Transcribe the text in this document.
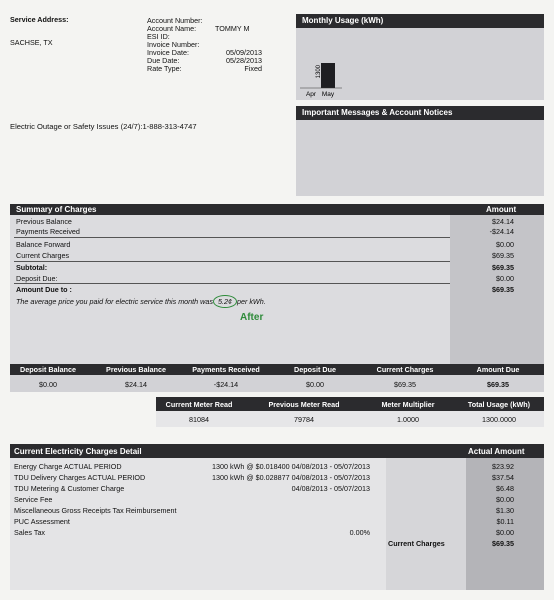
Service Address:
SACHSE, TX
Account Number:
Account Name:	TOMMY M
ESI ID:
Invoice Number:
Invoice Date:	05/09/2013
Due Date:	05/28/2013
Rate Type:	Fixed
Electric Outage or Safety Issues (24/7):1-888-313-4747
Monthly Usage (kWh)
Apr May
1300
Important Messages & Account Notices
Summary of Charges	Amount
Previous Balance	$24.14
Payments Received	-$24.14
Balance Forward	$0.00
Current Charges	$69.35
Subtotal:	$69.35
Deposit Due:	$0.00
Amount Due to :	$69.35
The average price you paid for electric service this month was 5.2¢ per kWh.
After
Deposit Balance	Previous Balance	Payments Received	Deposit Due	Current Charges	Amount Due
$0.00	$24.14	-$24.14	$0.00	$69.35	$69.35
Current Meter Read	Previous Meter Read	Meter Multiplier	Total Usage (kWh)
81084	79784	1.0000	1300.0000
Current Electricity Charges Detail	Actual Amount
Energy Charge ACTUAL PERIOD	1300 kWh @ $0.018400 04/08/2013 - 05/07/2013	$23.92
TDU Delivery Charges ACTUAL PERIOD	1300 kWh @ $0.028877 04/08/2013 - 05/07/2013	$37.54
TDU Metering & Customer Charge	04/08/2013 - 05/07/2013	$6.48
Service Fee	$0.00
Miscellaneous Gross Receipts Tax Reimbursement	$1.30
PUC Assessment	$0.11
Sales Tax	0.00%	$0.00
Current Charges	$69.35
